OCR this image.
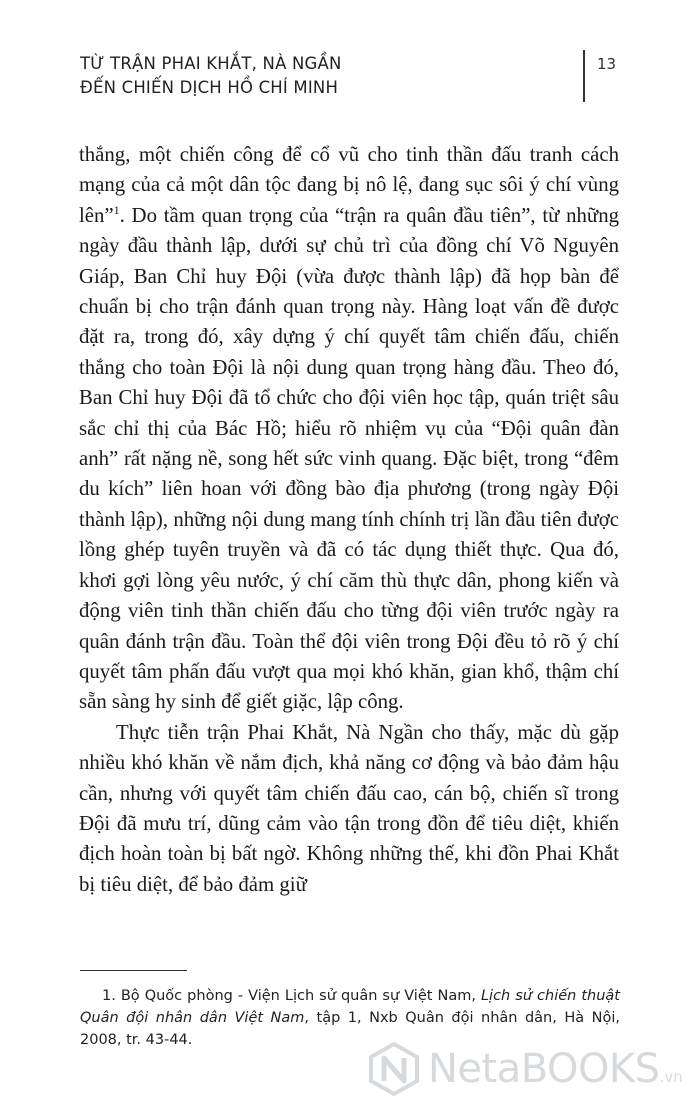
TỪ TRẬN PHAI KHẮT, NÀ NGẦN
ĐẾN CHIẾN DỊCH HỒ CHÍ MINH
13

thắng, một chiến công để cổ vũ cho tinh thần đấu tranh cách mạng của cả một dân tộc đang bị nô lệ, đang sục sôi ý chí vùng lên”$^1$. Do tầm quan trọng của “trận ra quân đầu tiên”, từ những ngày đầu thành lập, dưới sự chủ trì của đồng chí Võ Nguyên Giáp, Ban Chỉ huy Đội (vừa được thành lập) đã họp bàn để chuẩn bị cho trận đánh quan trọng này. Hàng loạt vấn đề được đặt ra, trong đó, xây dựng ý chí quyết tâm chiến đấu, chiến thắng cho toàn Đội là nội dung quan trọng hàng đầu. Theo đó, Ban Chỉ huy Đội đã tổ chức cho đội viên học tập, quán triệt sâu sắc chỉ thị của Bác Hồ; hiểu rõ nhiệm vụ của “Đội quân đàn anh” rất nặng nề, song hết sức vinh quang. Đặc biệt, trong “đêm du kích” liên hoan với đồng bào địa phương (trong ngày Đội thành lập), những nội dung mang tính chính trị lần đầu tiên được lồng ghép tuyên truyền và đã có tác dụng thiết thực. Qua đó, khơi gợi lòng yêu nước, ý chí căm thù thực dân, phong kiến và động viên tinh thần chiến đấu cho từng đội viên trước ngày ra quân đánh trận đầu. Toàn thể đội viên trong Đội đều tỏ rõ ý chí quyết tâm phấn đấu vượt qua mọi khó khăn, gian khổ, thậm chí sẵn sàng hy sinh để giết giặc, lập công.

Thực tiễn trận Phai Khắt, Nà Ngần cho thấy, mặc dù gặp nhiều khó khăn về nắm địch, khả năng cơ động và bảo đảm hậu cần, nhưng với quyết tâm chiến đấu cao, cán bộ, chiến sĩ trong Đội đã mưu trí, dũng cảm vào tận trong đồn để tiêu diệt, khiến địch hoàn toàn bị bất ngờ. Không những thế, khi đồn Phai Khắt bị tiêu diệt, để bảo đảm giữ

1. Bộ Quốc phòng - Viện Lịch sử quân sự Việt Nam, Lịch sử chiến thuật Quân đội nhân dân Việt Nam, tập 1, Nxb Quân đội nhân dân, Hà Nội, 2008, tr. 43-44.

NetaBOOKS .vn
